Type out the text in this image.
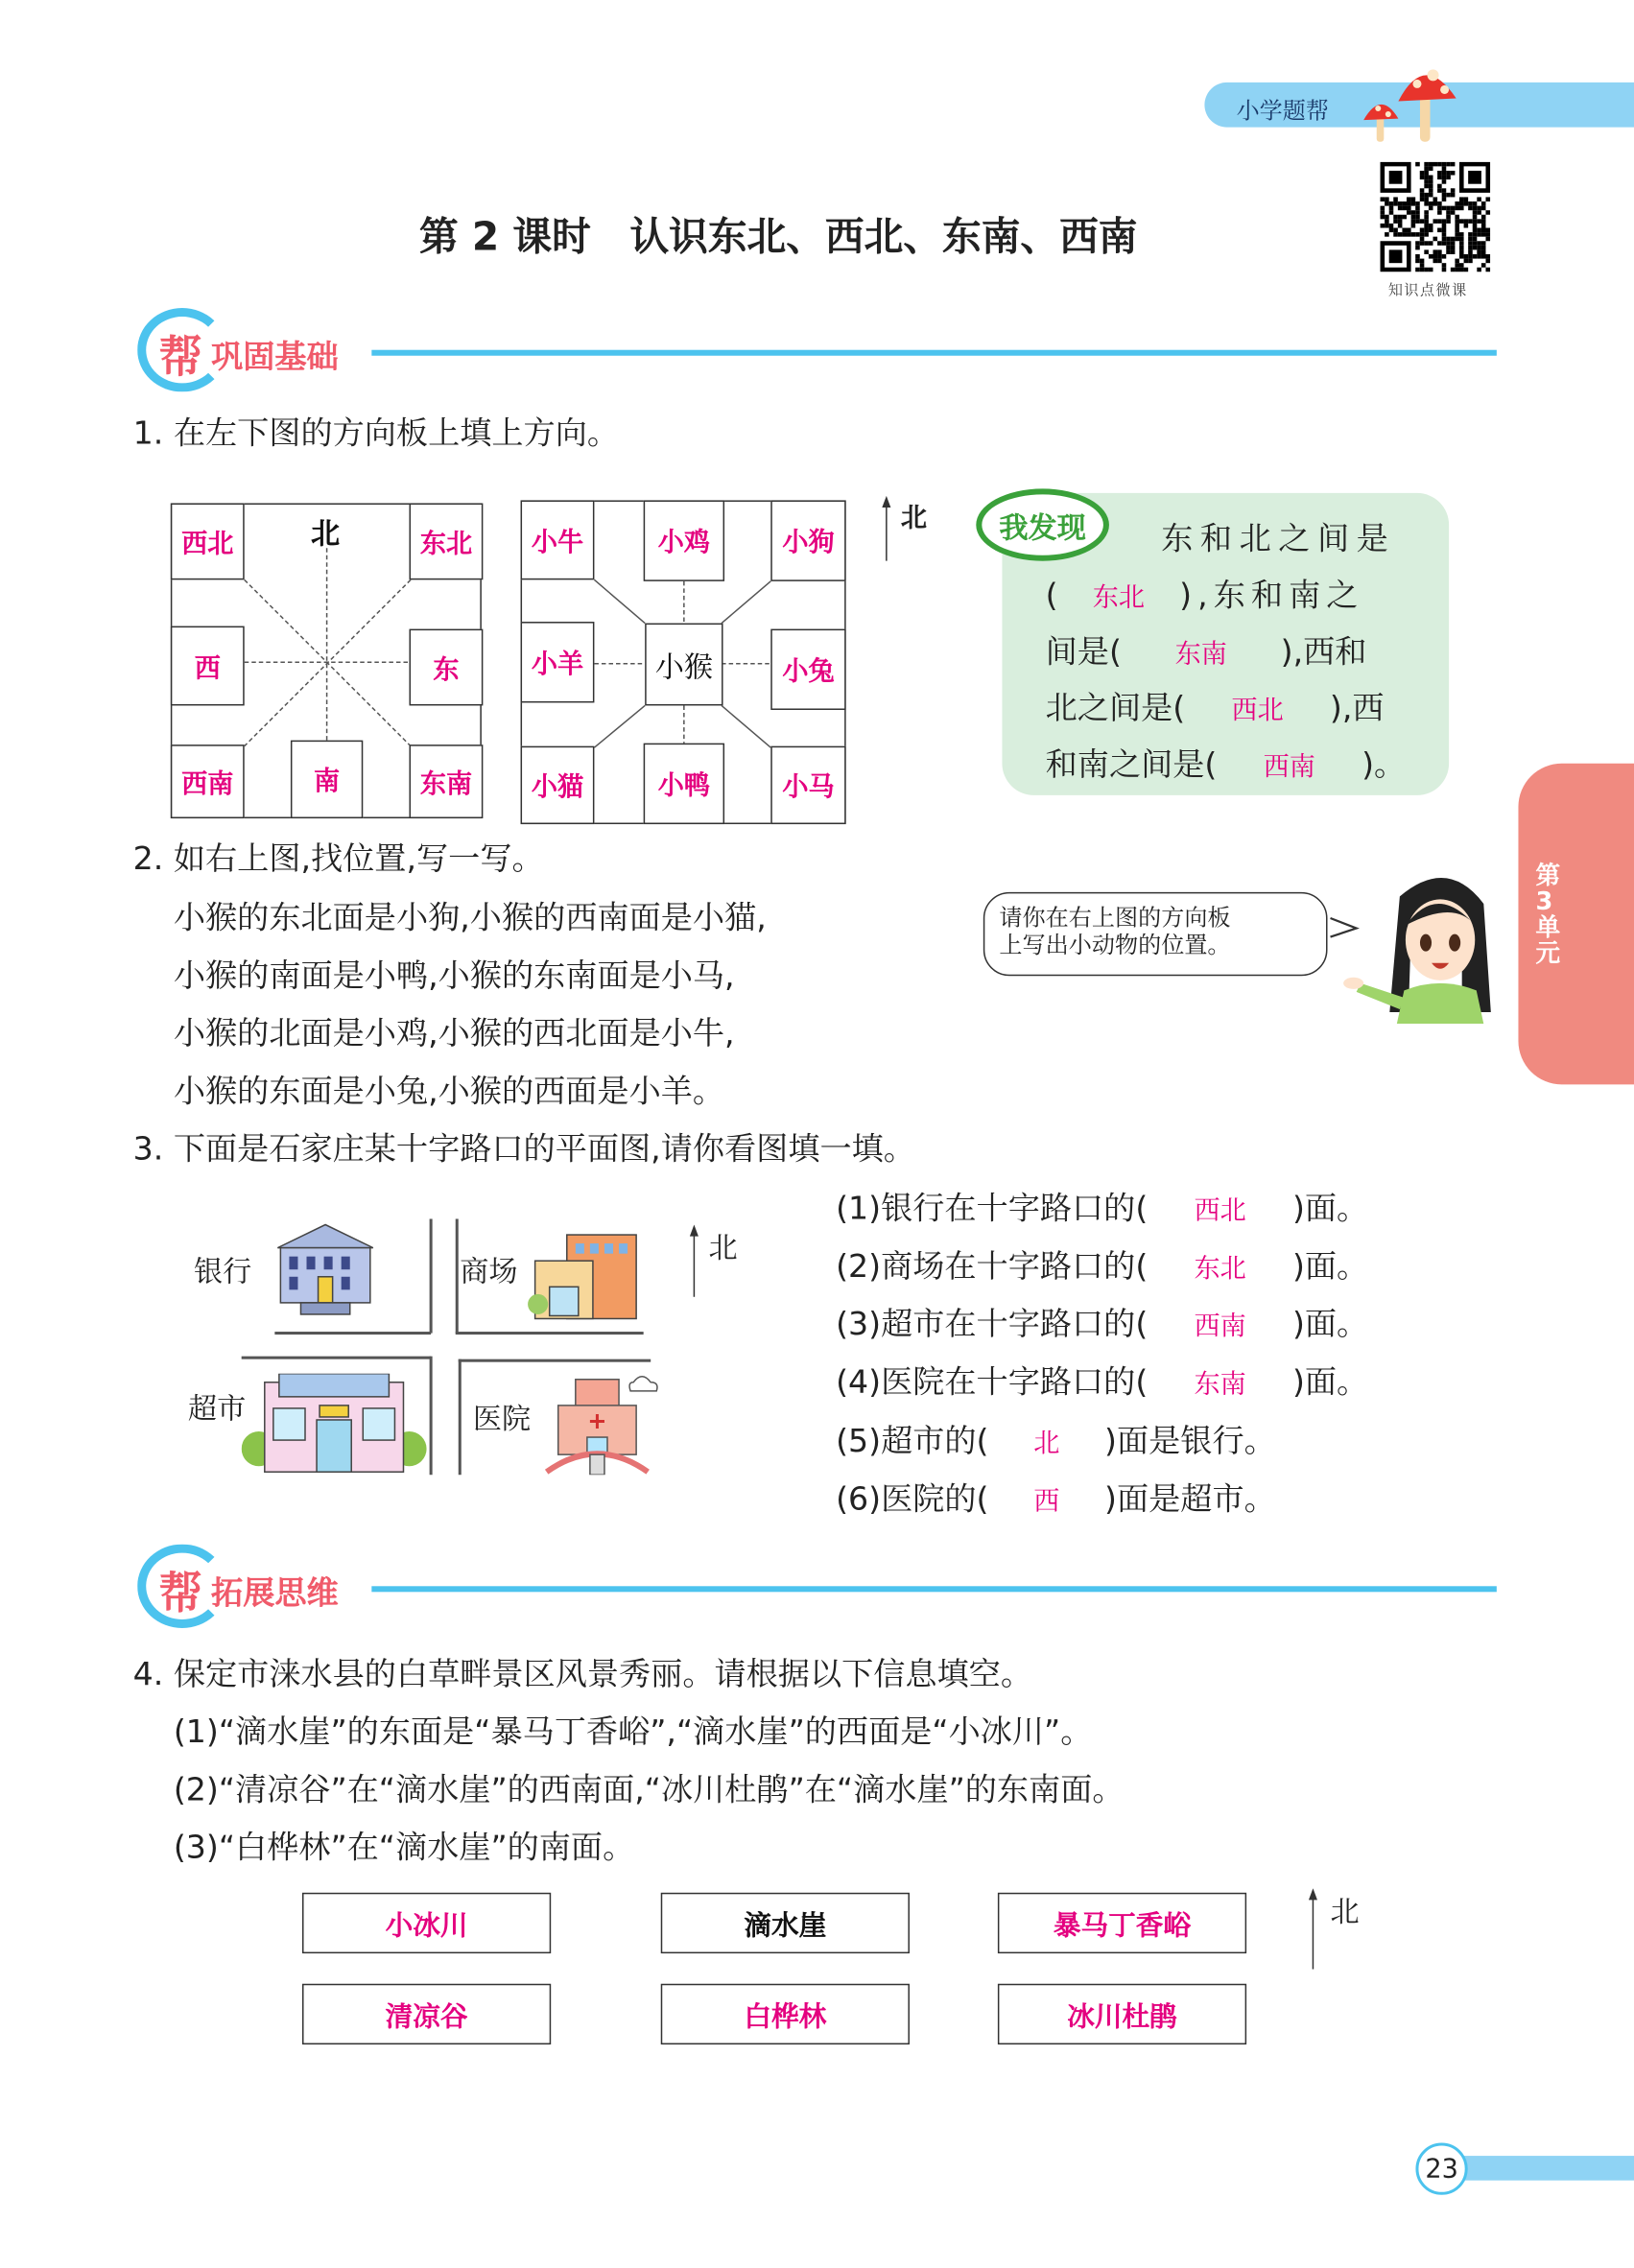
小学题帮
知识点微课
第 2 课时　认识东北、西北、东南、西南
第3单元
帮 巩固基础
1. 在左下图的方向板上填上方向。
北
西北	东北
西	东
西南	南	东南
小牛	小鸡	小狗
小羊	小猴	小兔
小猫	小鸭	小马
北	我发现	东和北之间是
( 东北 ),东和南之
间是(	东南	),西和
北之间是(	西北 ),西
和南之间是(	西南 )。
2. 如右上图,找位置,写一写。
小猴的东北面是小狗,小猴的西南面是小猫,
小猴的南面是小鸭,小猴的东南面是小马,
小猴的北面是小鸡,小猴的西北面是小牛,
小猴的东面是小兔,小猴的西面是小羊。
请你在右上图的方向板
上写出小动物的位置。
3. 下面是石家庄某十字路口的平面图,请你看图填一填。
银行	商场
超市	医院
北
(1)银行在十字路口的(	西北 )面。
(2)商场在十字路口的(	东北 )面。
(3)超市在十字路口的(	西南 )面。
(4)医院在十字路口的(	东南 )面。
(5)超市的(	北 )面是银行。
(6)医院的(	西 )面是超市。
帮 拓展思维
4. 保定市涞水县的白草畔景区风景秀丽。请根据以下信息填空。
(1)“滴水崖”的东面是“暴马丁香峪”,“滴水崖”的西面是“小冰川”。
(2)“清凉谷”在“滴水崖”的西南面,“冰川杜鹃”在“滴水崖”的东南面。
(3)“白桦林”在“滴水崖”的南面。
小冰川	滴水崖	暴马丁香峪
清凉谷	白桦林	冰川杜鹃
北
23
